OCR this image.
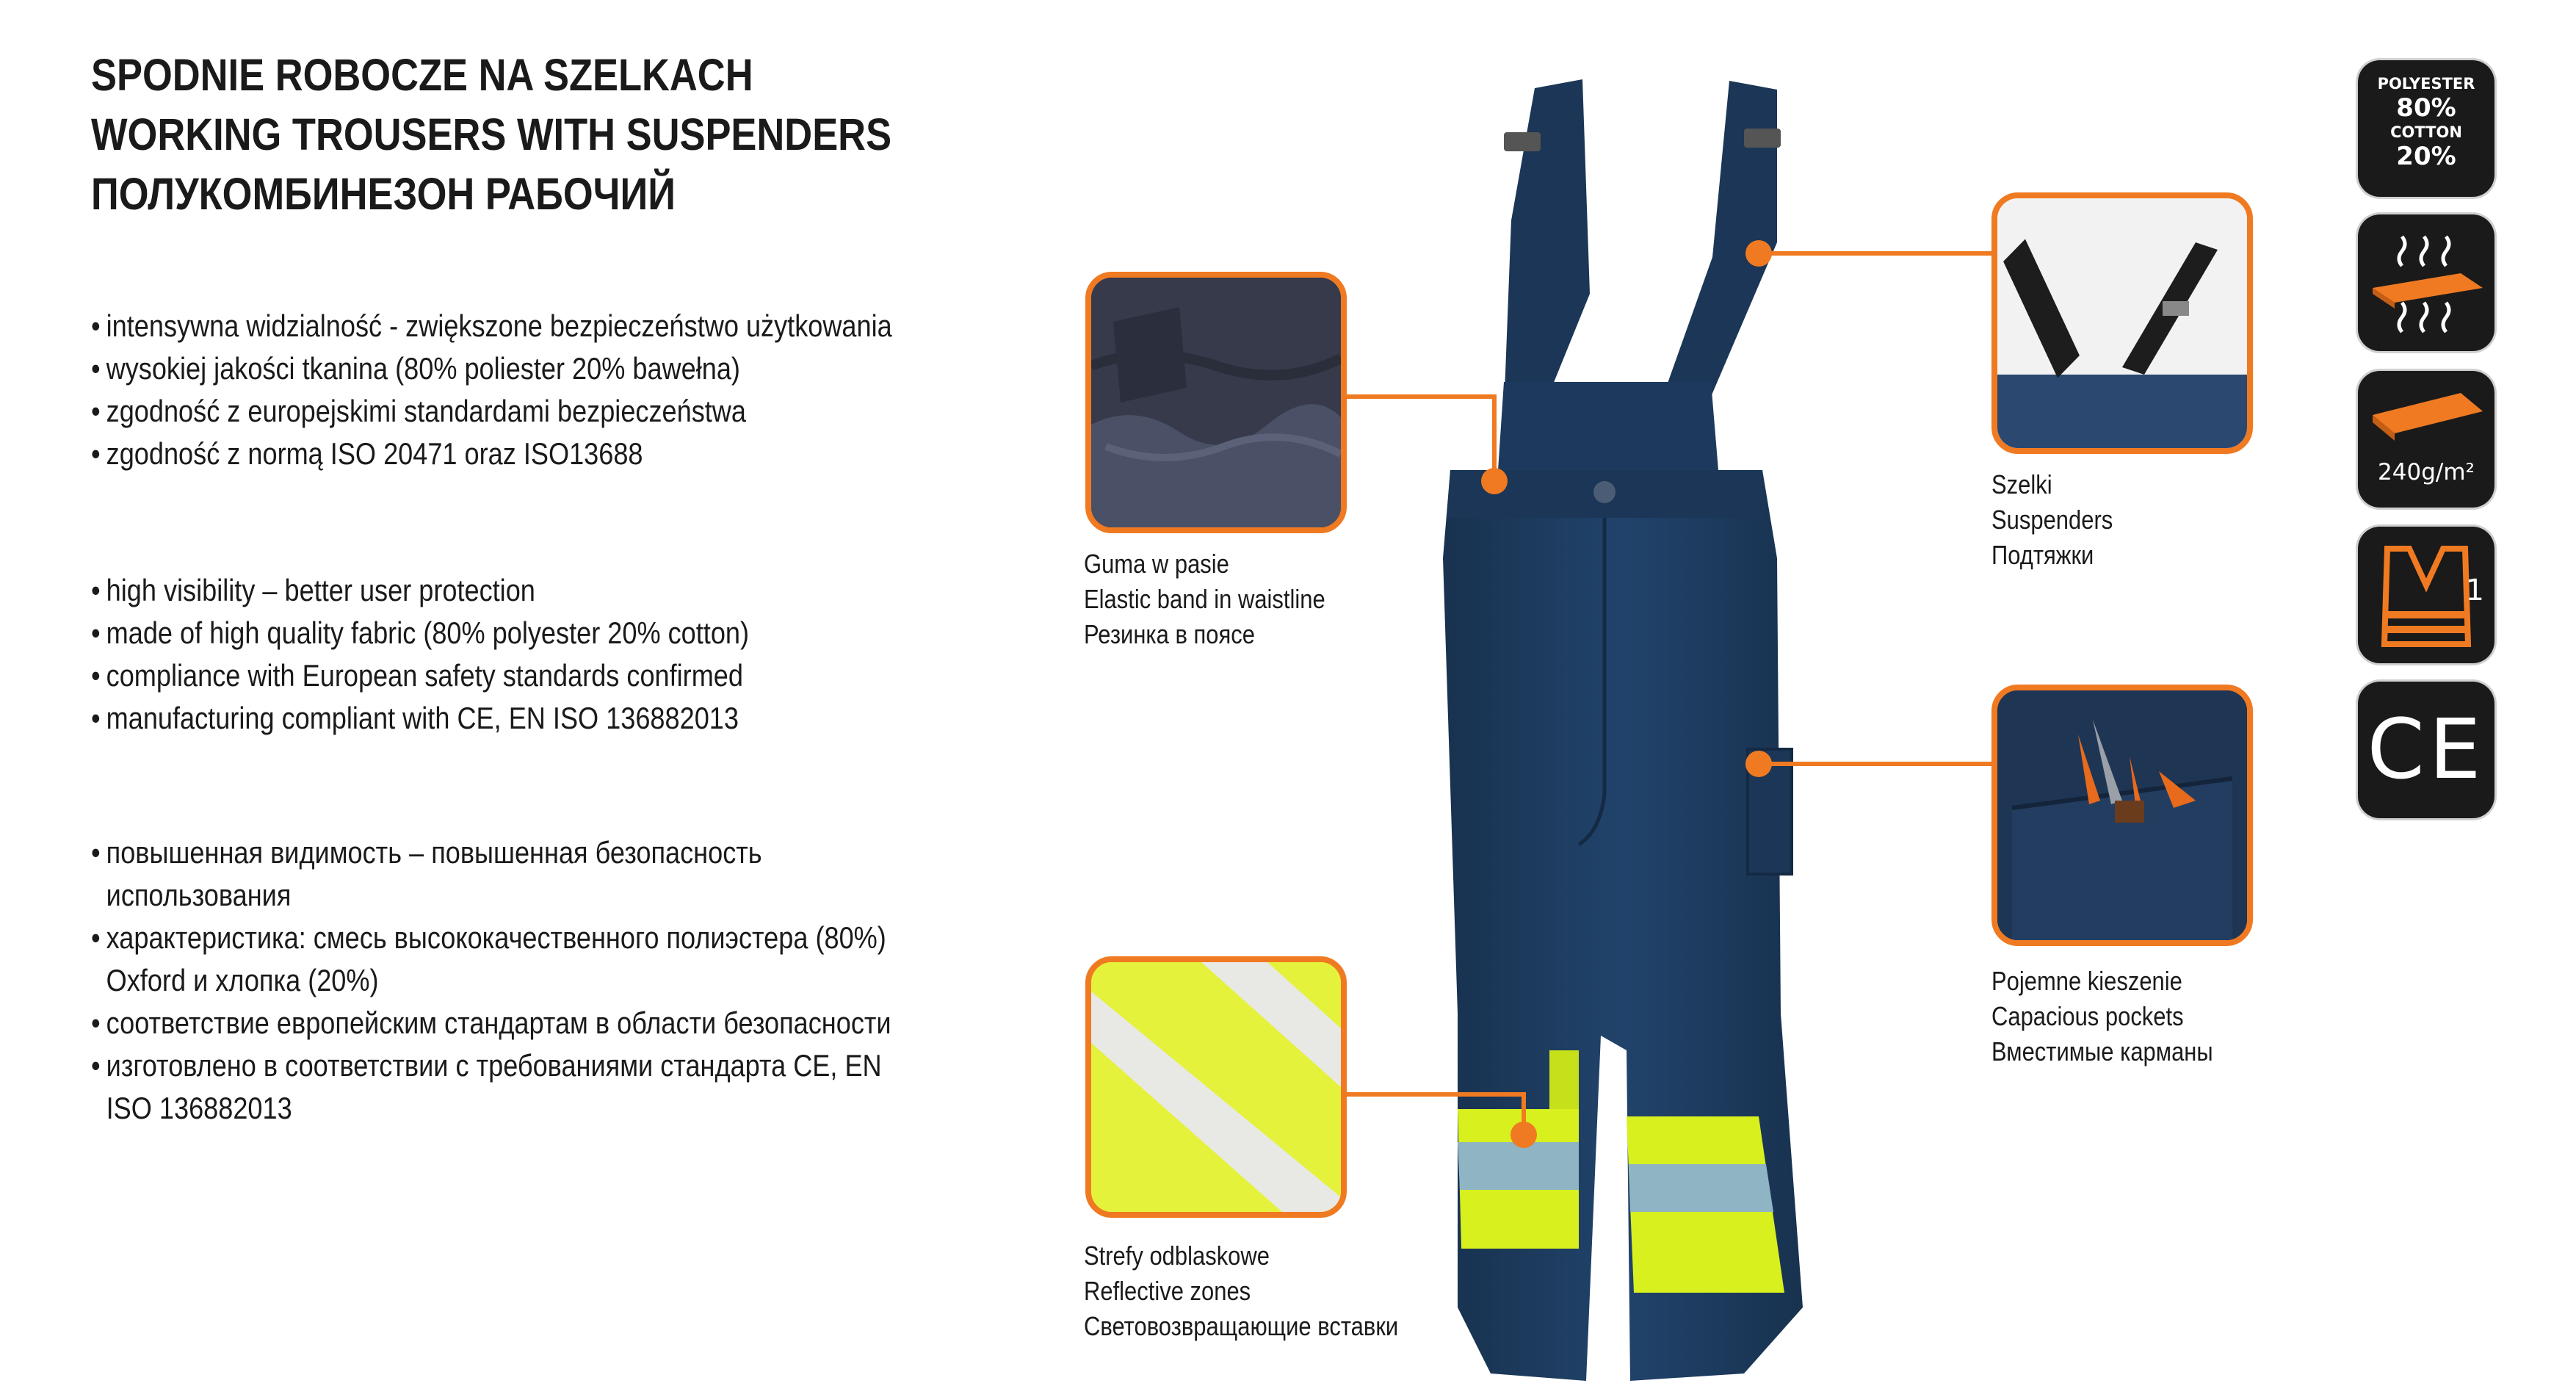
SPODNIE ROBOCZE NA SZELKACH
WORKING TROUSERS WITH SUSPENDERS
ПОЛУКОМБИНЕЗОН РАБОЧИЙ
• intensywna widzialność - zwiększone bezpieczeństwo użytkowania
• wysokiej jakości tkanina (80% poliester 20% bawełna)
• zgodność z europejskimi standardami bezpieczeństwa
• zgodność z normą ISO 20471 oraz ISO13688
• high visibility – better user protection
• made of high quality fabric (80% polyester 20% cotton)
• compliance with European safety standards confirmed
• manufacturing compliant with CE, EN ISO 136882013
• повышенная видимость – повышенная безопасность
использования
• характеристика: смесь высококачественного полиэстера (80%)
Oxford и хлопка (20%)
• соответствие европейским стандартам в области безопасности
• изготовлено в соответствии с требованиями стандарта CE, EN
ISO 136882013
Guma w pasie
Elastic band in waistline
Резинка в поясе
Szelki
Suspenders
Подтяжки
Pojemne kieszenie
Capacious pockets
Вместимые карманы
Strefy odblaskowe
Reflective zones
Световозвращающие вставки
POLYESTER
80%
COTTON
20%
240g/m²
1
CE
